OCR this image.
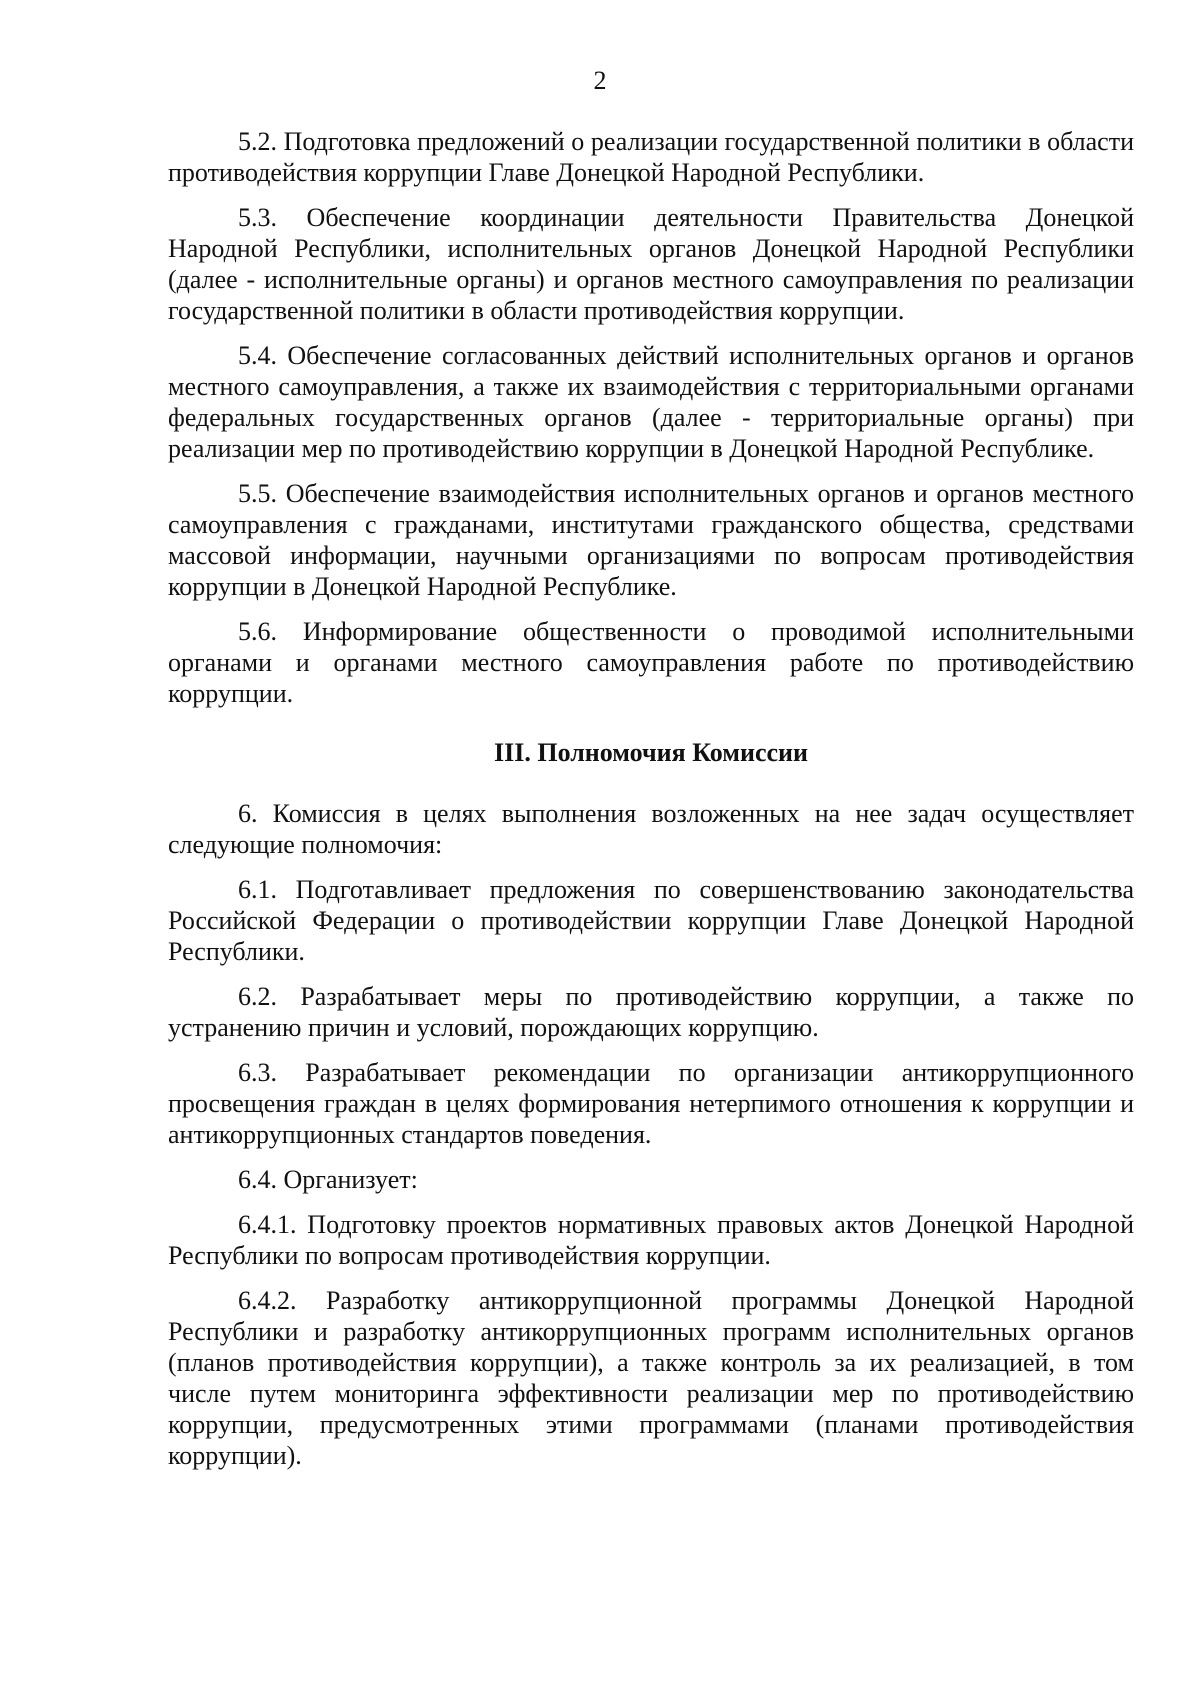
2

5.2. Подготовка предложений о реализации государственной политики в области противодействия коррупции Главе Донецкой Народной Республики.

5.3. Обеспечение координации деятельности Правительства Донецкой Народной Республики, исполнительных органов Донецкой Народной Республики (далее - исполнительные органы) и органов местного самоуправления по реализации государственной политики в области противодействия коррупции.

5.4. Обеспечение согласованных действий исполнительных органов и органов местного самоуправления, а также их взаимодействия с территориальными органами федеральных государственных органов (далее - территориальные органы) при реализации мер по противодействию коррупции в Донецкой Народной Республике.

5.5. Обеспечение взаимодействия исполнительных органов и органов местного самоуправления с гражданами, институтами гражданского общества, средствами массовой информации, научными организациями по вопросам противодействия коррупции в Донецкой Народной Республике.

5.6. Информирование общественности о проводимой исполнительными органами и органами местного самоуправления работе по противодействию коррупции.

III. Полномочия Комиссии

6. Комиссия в целях выполнения возложенных на нее задач осуществляет следующие полномочия:

6.1. Подготавливает предложения по совершенствованию законодательства Российской Федерации о противодействии коррупции Главе Донецкой Народной Республики.

6.2. Разрабатывает меры по противодействию коррупции, а также по устранению причин и условий, порождающих коррупцию.

6.3. Разрабатывает рекомендации по организации антикоррупционного просвещения граждан в целях формирования нетерпимого отношения к коррупции и антикоррупционных стандартов поведения.

6.4. Организует:

6.4.1. Подготовку проектов нормативных правовых актов Донецкой Народной Республики по вопросам противодействия коррупции.

6.4.2. Разработку антикоррупционной программы Донецкой Народной Республики и разработку антикоррупционных программ исполнительных органов (планов противодействия коррупции), а также контроль за их реализацией, в том числе путем мониторинга эффективности реализации мер по противодействию коррупции, предусмотренных этими программами (планами противодействия коррупции).
